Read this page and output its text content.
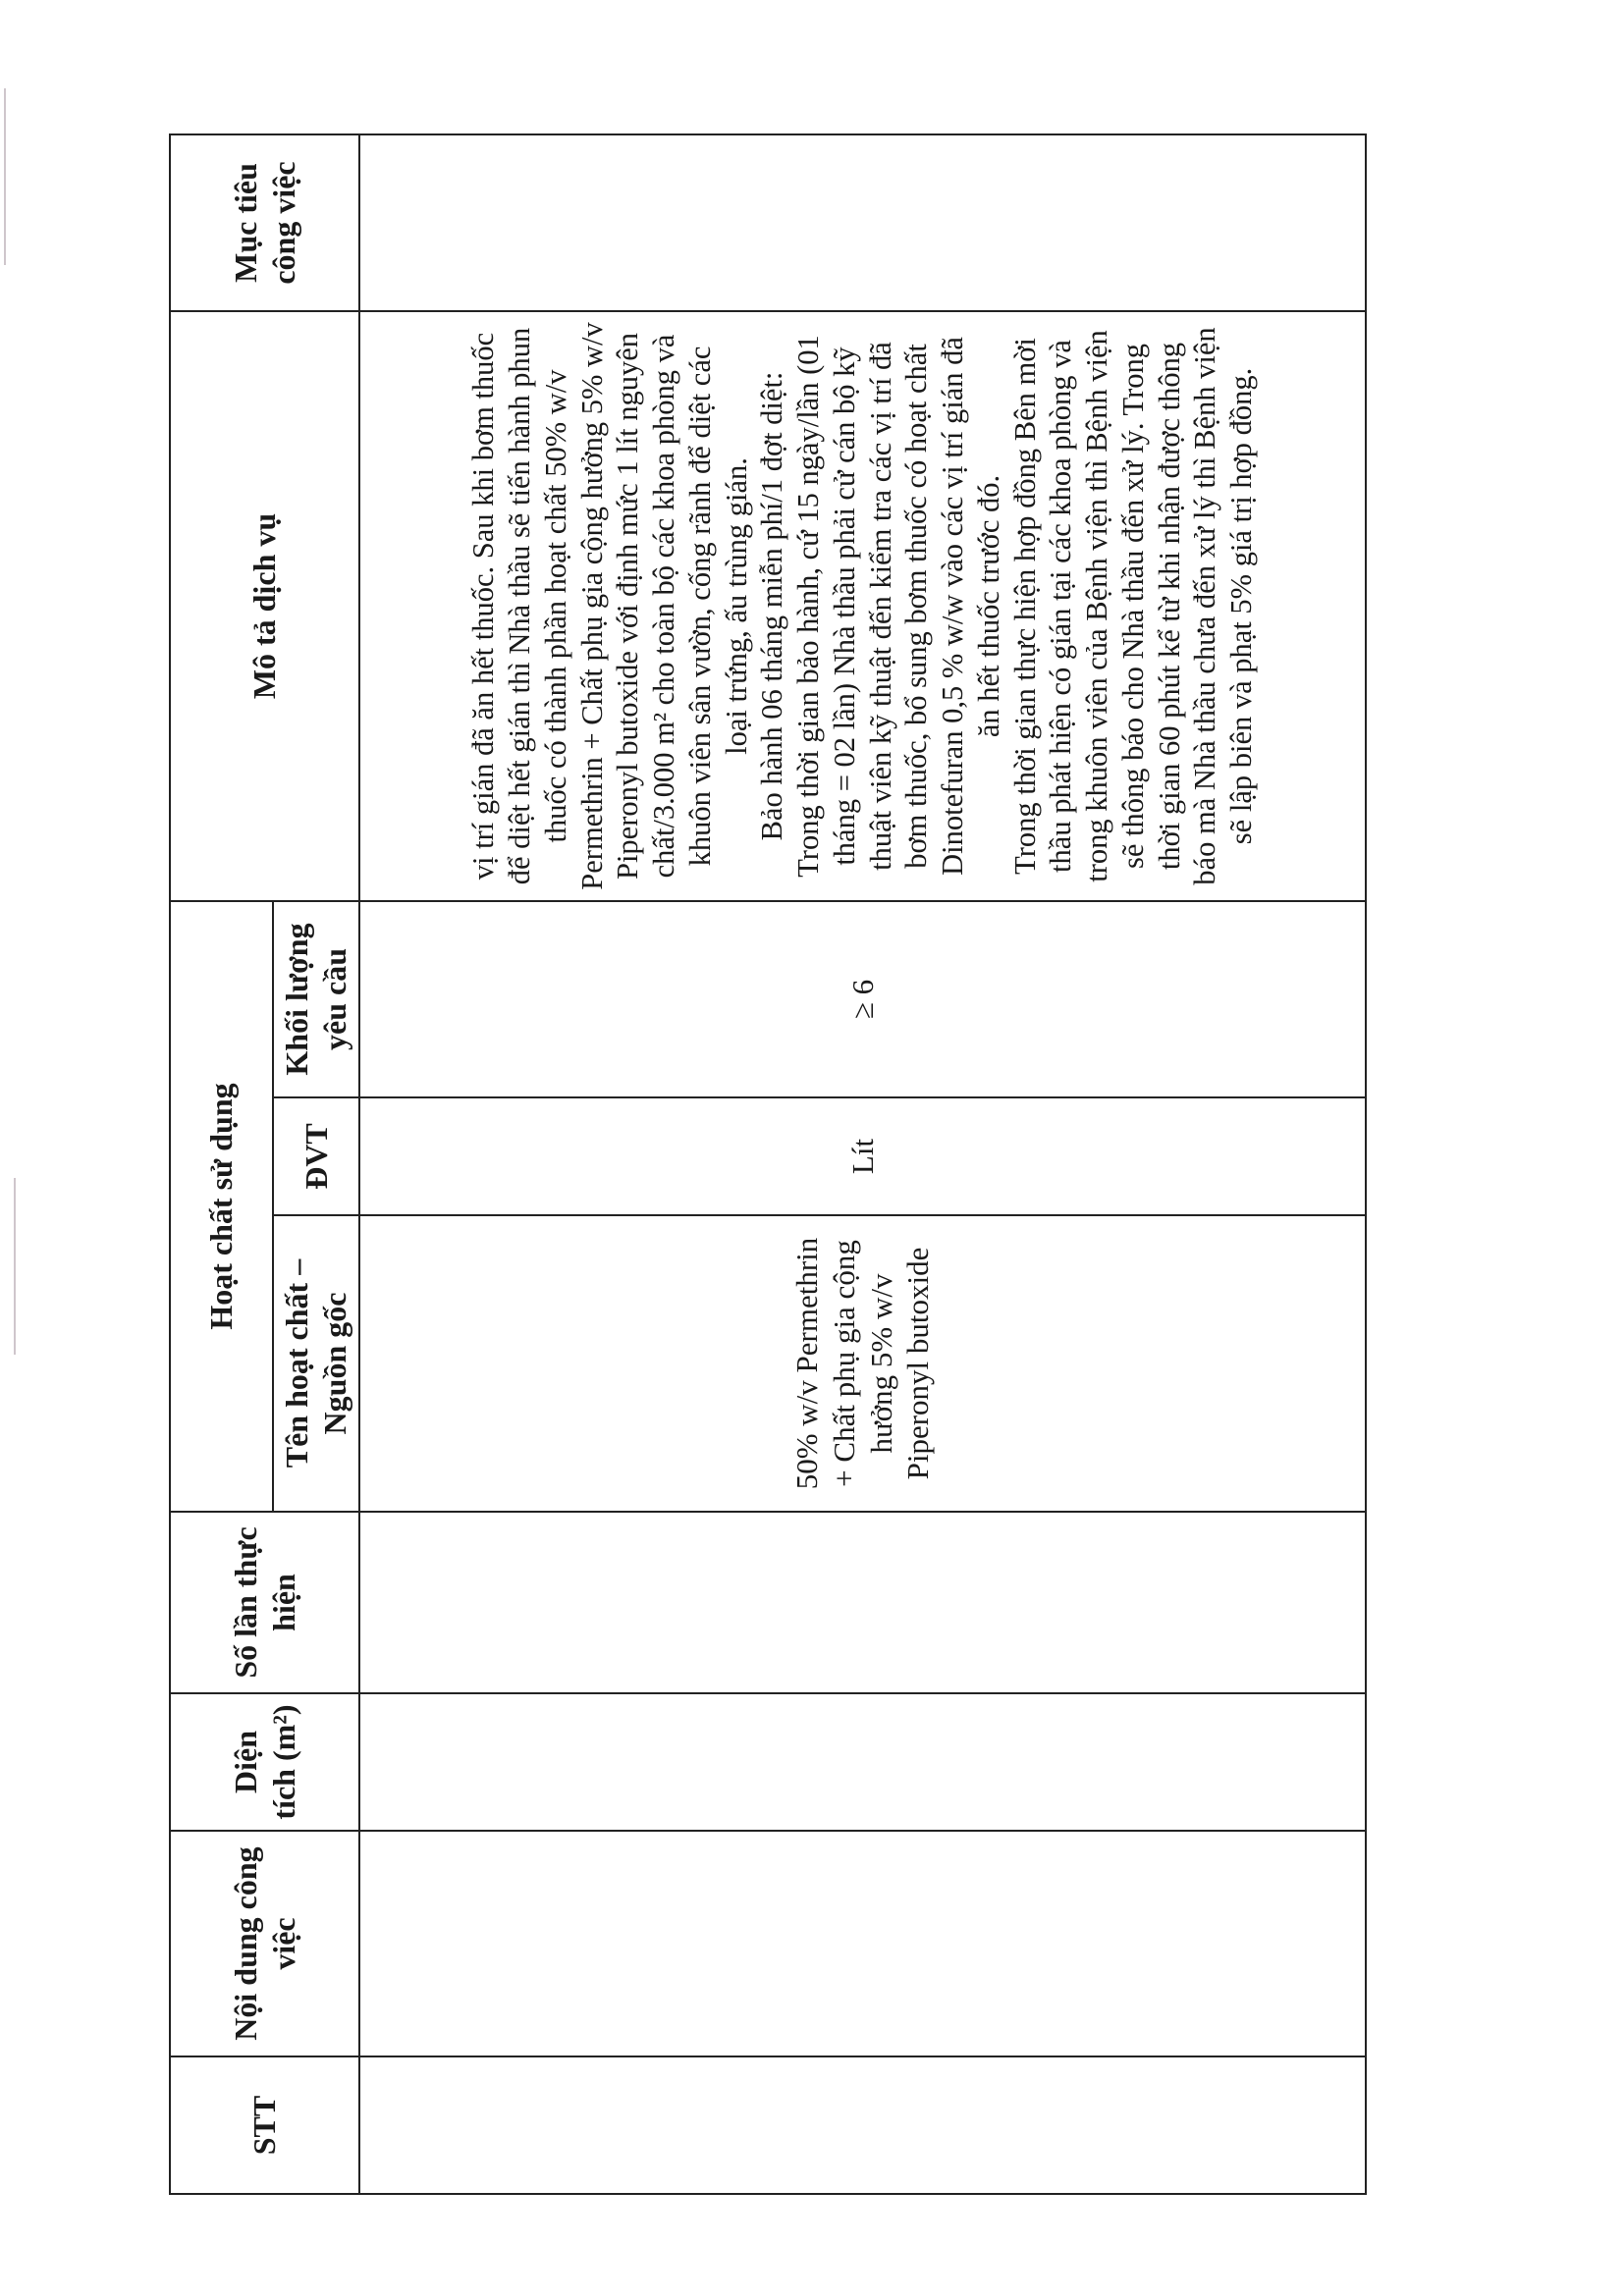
STT	Nội dung công việc	Diện tích (m²)	Số lần thực hiện	Hoạt chất sử dụng			Mô tả dịch vụ	Mục tiêu công việc
				Tên hoạt chất – Nguồn gốc	ĐVT	Khối lượng yêu cầu		
				50% w/v Permethrin + Chất phụ gia cộng hưởng 5% w/v Piperonyl butoxide	Lít	≥ 6	vị trí gián đã ăn hết thuốc. Sau khi bơm thuốc để diệt hết gián thì Nhà thầu sẽ tiến hành phun thuốc có thành phần hoạt chất 50% w/v Permethrin + Chất phụ gia cộng hưởng 5% w/v Piperonyl butoxide với định mức 1 lít nguyên chất/3.000 m² cho toàn bộ các khoa phòng và khuôn viên sân vườn, cống rãnh để diệt các loại trứng, ấu trùng gián. Bảo hành 06 tháng miễn phí/1 đợt diệt: Trong thời gian bảo hành, cứ 15 ngày/lần (01 tháng = 02 lần) Nhà thầu phải cử cán bộ kỹ thuật viên kỹ thuật đến kiểm tra các vị trí đã bơm thuốc, bổ sung bơm thuốc có hoạt chất Dinotefuran 0,5 % w/w vào các vị trí gián đã ăn hết thuốc trước đó. Trong thời gian thực hiện hợp đồng Bên mời thầu phát hiện có gián tại các khoa phòng và trong khuôn viên của Bệnh viện thì Bệnh viện sẽ thông báo cho Nhà thầu đến xử lý. Trong thời gian 60 phút kể từ khi nhận được thông báo mà Nhà thầu chưa đến xử lý thì Bệnh viện sẽ lập biên và phạt 5% giá trị hợp đồng.	
